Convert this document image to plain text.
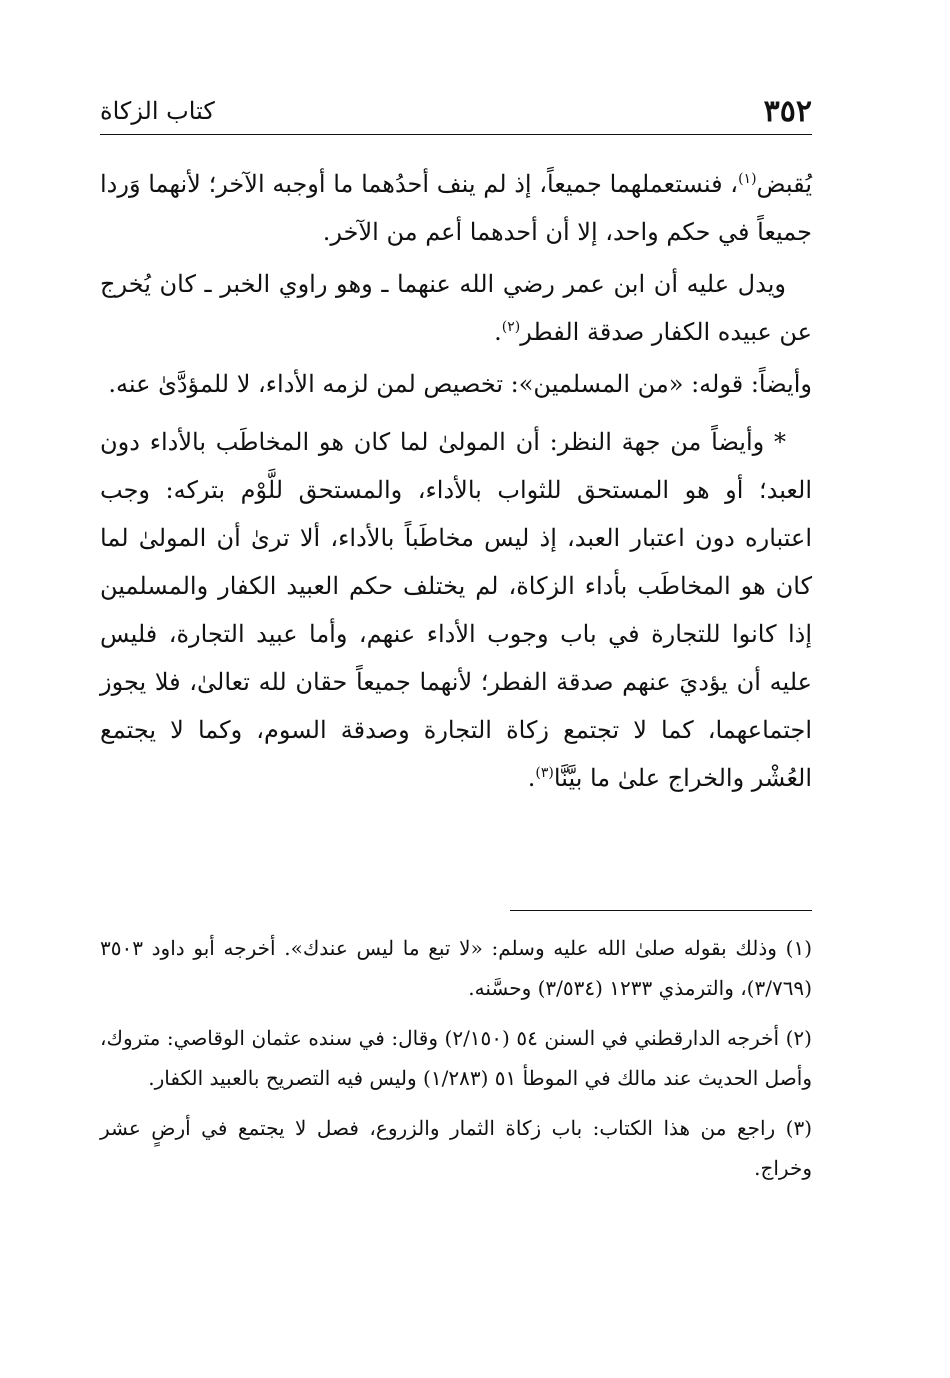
٣٥٢
كتاب الزكاة

يُقبض$^{(١)}$، فنستعملهما جميعاً، إذ لم ينف أحدُهما ما أوجبه الآخر؛ لأنهما وَردا جميعاً في حكم واحد، إلا أن أحدهما أعم من الآخر.

ويدل عليه أن ابن عمر رضي الله عنهما ـ وهو راوي الخبر ـ كان يُخرج عن عبيده الكفار صدقة الفطر$^{(٢)}$.

وأيضاً: قوله: «من المسلمين»: تخصيص لمن لزمه الأداء، لا للمؤدَّىٰ عنه.

* وأيضاً من جهة النظر: أن المولىٰ لما كان هو المخاطَب بالأداء دون العبد؛ أو هو المستحق للثواب بالأداء، والمستحق للَّوْم بتركه: وجب اعتباره دون اعتبار العبد، إذ ليس مخاطَباً بالأداء، ألا ترىٰ أن المولىٰ لما كان هو المخاطَب بأداء الزكاة، لم يختلف حكم العبيد الكفار والمسلمين إذا كانوا للتجارة في باب وجوب الأداء عنهم، وأما عبيد التجارة، فليس عليه أن يؤديَ عنهم صدقة الفطر؛ لأنهما جميعاً حقان لله تعالىٰ، فلا يجوز اجتماعهما، كما لا تجتمع زكاة التجارة وصدقة السوم، وكما لا يجتمع العُشْر والخراج علىٰ ما بيَّنَّا$^{(٣)}$.

(١) وذلك بقوله صلىٰ الله عليه وسلم: «لا تبع ما ليس عندك». أخرجه أبو داود ٣٥٠٣ (٣/٧٦٩)، والترمذي ١٢٣٣ (٣/٥٣٤) وحسَّنه.

(٢) أخرجه الدارقطني في السنن ٥٤ (٢/١٥٠) وقال: في سنده عثمان الوقاصي: متروك، وأصل الحديث عند مالك في الموطأ ٥١ (١/٢٨٣) وليس فيه التصريح بالعبيد الكفار.

(٣) راجع من هذا الكتاب: باب زكاة الثمار والزروع، فصل لا يجتمع في أرضٍ عشر وخراج.
